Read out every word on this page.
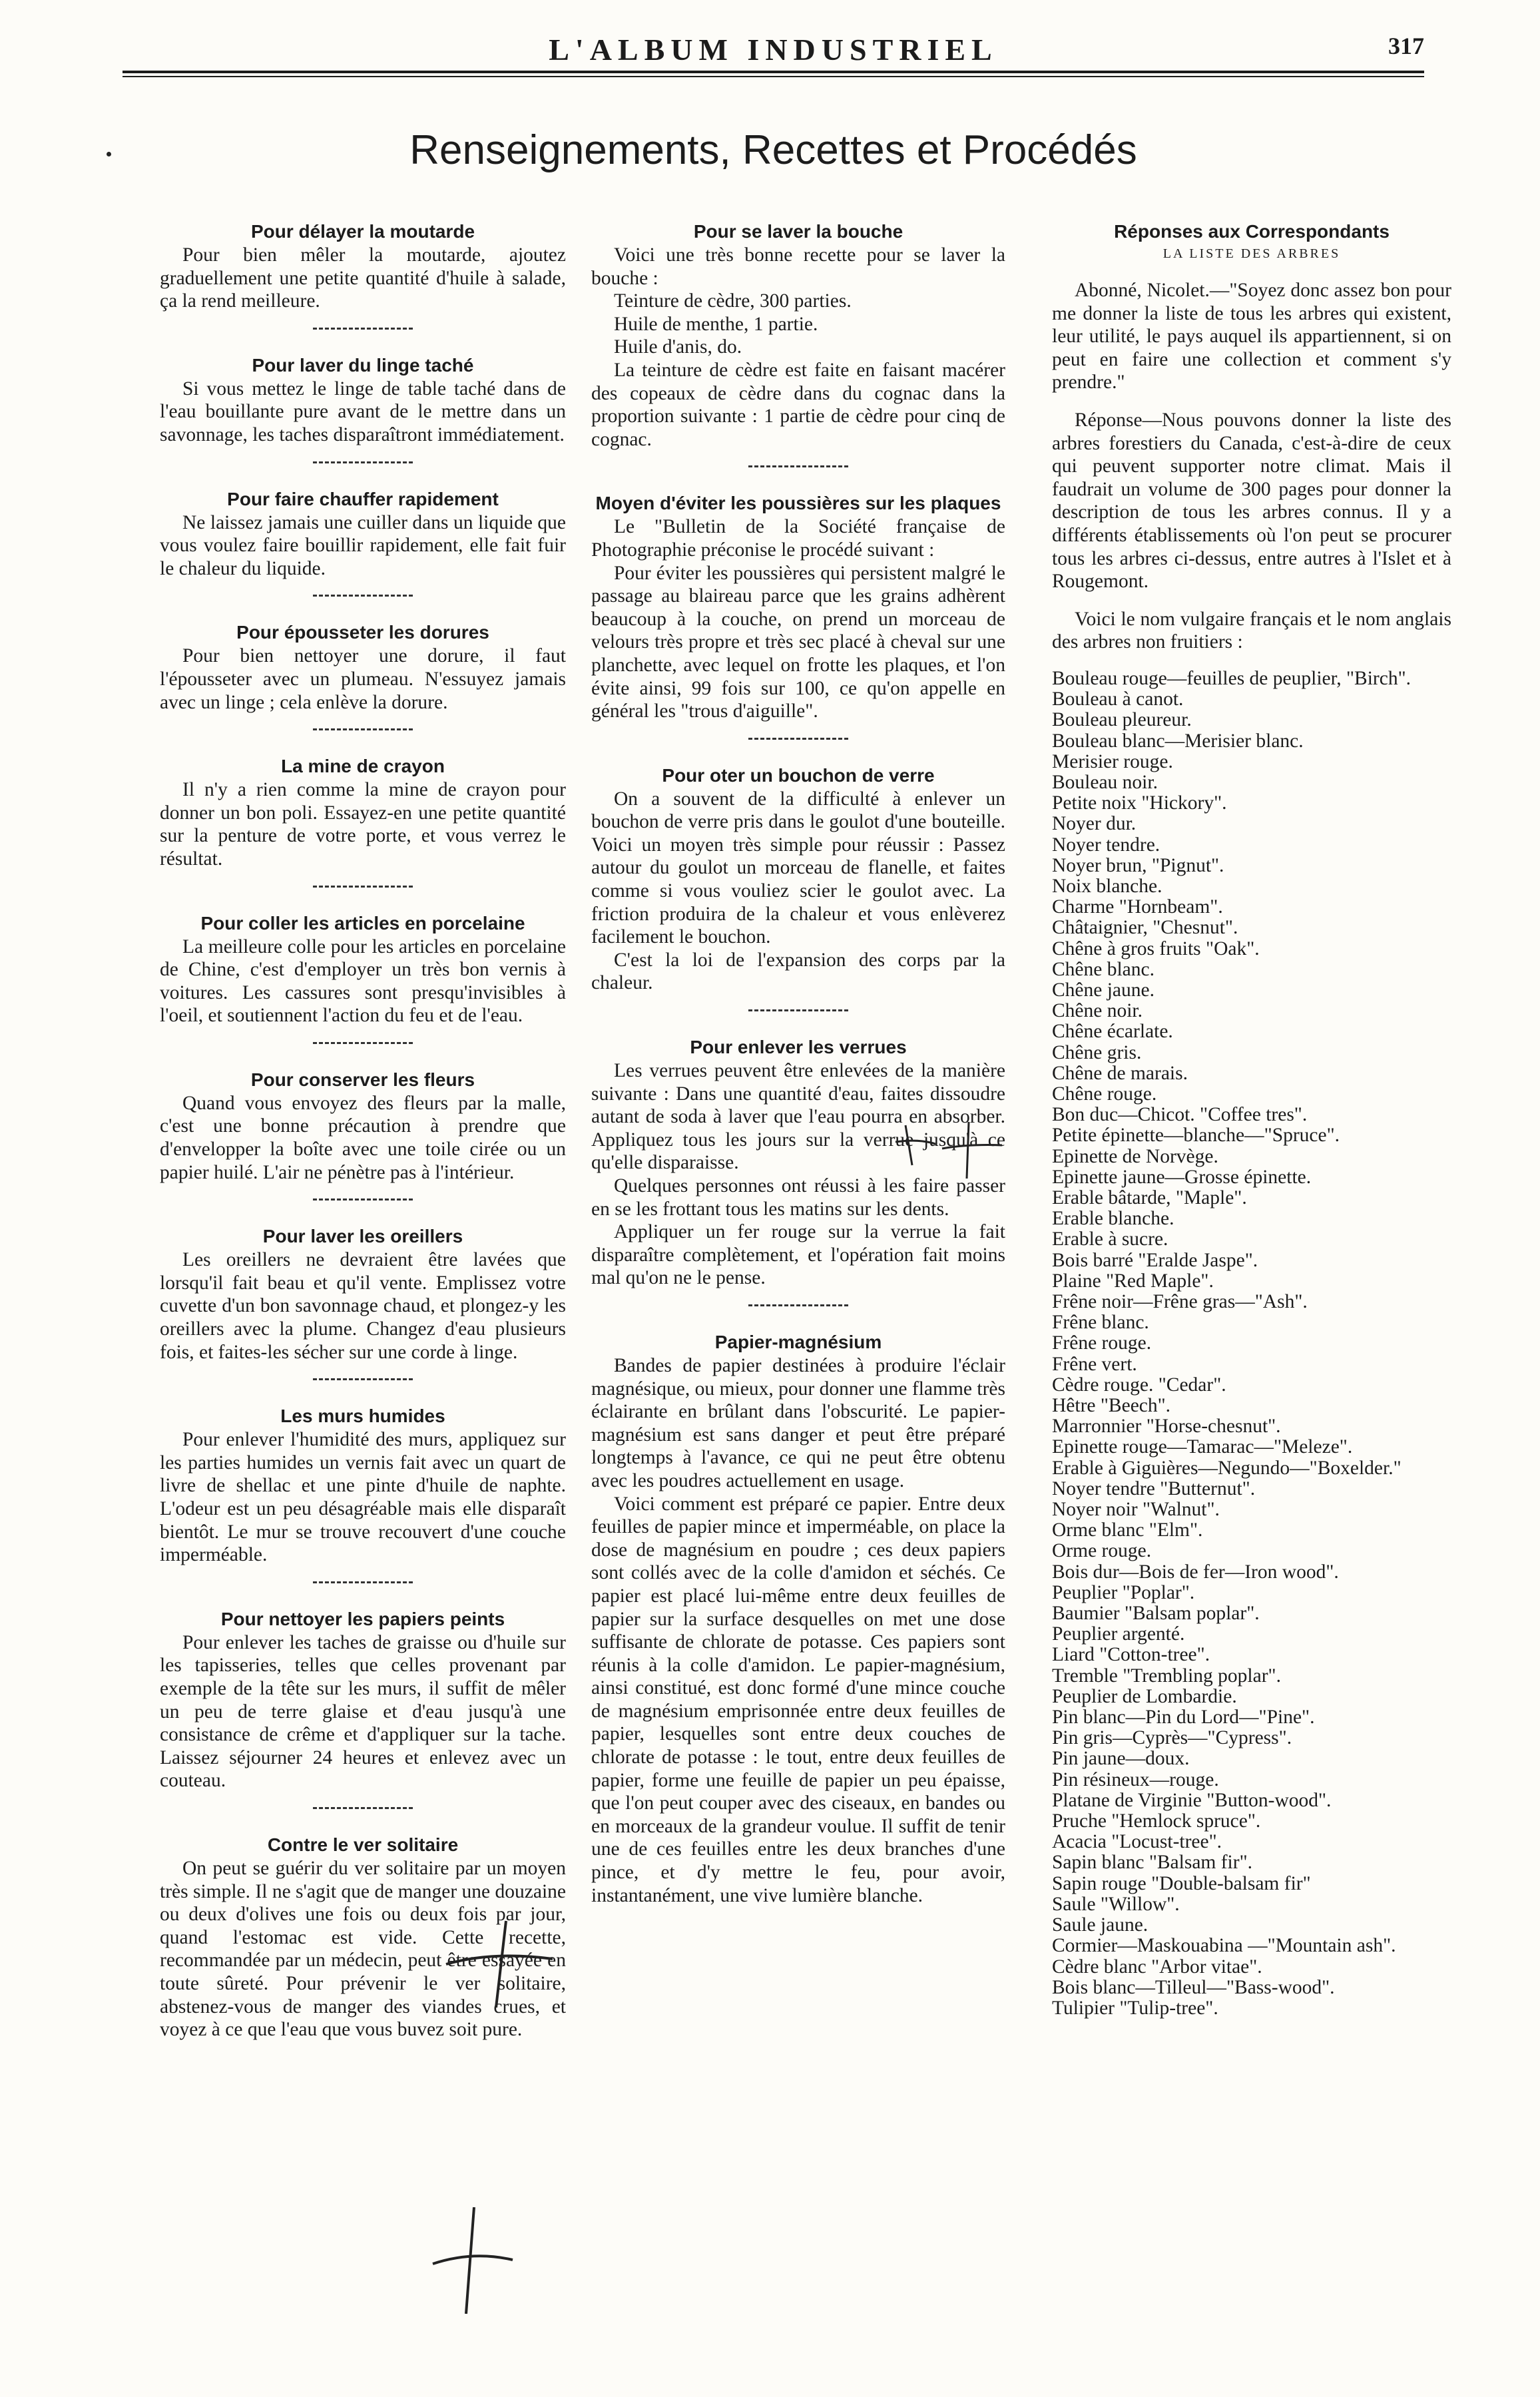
L'ALBUM INDUSTRIEL	317
Renseignements, Recettes et Procédés
Pour délayer la moutarde

Pour bien mêler la moutarde, ajoutez graduellement une petite quantité d'huile à salade, ça la rend meilleure.

Pour laver du linge taché

Si vous mettez le linge de table taché dans de l'eau bouillante pure avant de le mettre dans un savonnage, les taches disparaîtront immédiatement.

Pour faire chauffer rapidement

Ne laissez jamais une cuiller dans un liquide que vous voulez faire bouillir rapidement, elle fait fuir le chaleur du liquide.

Pour épousseter les dorures

Pour bien nettoyer une dorure, il faut l'épousseter avec un plumeau. N'essuyez jamais avec un linge ; cela enlève la dorure.

La mine de crayon

Il n'y a rien comme la mine de crayon pour donner un bon poli. Essayez-en une petite quantité sur la penture de votre porte, et vous verrez le résultat.

Pour coller les articles en porcelaine

La meilleure colle pour les articles en porcelaine de Chine, c'est d'employer un très bon vernis à voitures. Les cassures sont presqu'invisibles à l'oeil, et soutiennent l'action du feu et de l'eau.

Pour conserver les fleurs

Quand vous envoyez des fleurs par la malle, c'est une bonne précaution à prendre que d'envelopper la boîte avec une toile cirée ou un papier huilé. L'air ne pénètre pas à l'intérieur.

Pour laver les oreillers

Les oreillers ne devraient être lavées que lorsqu'il fait beau et qu'il vente. Emplissez votre cuvette d'un bon savonnage chaud, et plongez-y les oreillers avec la plume. Changez d'eau plusieurs fois, et faites-les sécher sur une corde à linge.

Les murs humides

Pour enlever l'humidité des murs, appliquez sur les parties humides un vernis fait avec un quart de livre de shellac et une pinte d'huile de naphte. L'odeur est un peu désagréable mais elle disparaît bientôt. Le mur se trouve recouvert d'une couche imperméable.

Pour nettoyer les papiers peints

Pour enlever les taches de graisse ou d'huile sur les tapisseries, telles que celles provenant par exemple de la tête sur les murs, il suffit de mêler un peu de terre glaise et d'eau jusqu'à une consistance de crême et d'appliquer sur la tache. Laissez séjourner 24 heures et enlevez avec un couteau.

Contre le ver solitaire

On peut se guérir du ver solitaire par un moyen très simple. Il ne s'agit que de manger une douzaine ou deux d'olives une fois ou deux fois par jour, quand l'estomac est vide. Cette recette, recommandée par un médecin, peut être essayée en toute sûreté. Pour prévenir le ver solitaire, abstenez-vous de manger des viandes crues, et voyez à ce que l'eau que vous buvez soit pure.

Pour se laver la bouche

Voici une très bonne recette pour se laver la bouche :

Teinture de cèdre, 300 parties.

Huile de menthe, 1 partie.

Huile d'anis, do.

La teinture de cèdre est faite en faisant macérer des copeaux de cèdre dans du cognac dans la proportion suivante : 1 partie de cèdre pour cinq de cognac.

Moyen d'éviter les poussières sur les plaques

Le "Bulletin de la Société française de Photographie préconise le procédé suivant :

Pour éviter les poussières qui persistent malgré le passage au blaireau parce que les grains adhèrent beaucoup à la couche, on prend un morceau de velours très propre et très sec placé à cheval sur une planchette, avec lequel on frotte les plaques, et l'on évite ainsi, 99 fois sur 100, ce qu'on appelle en général les "trous d'aiguille".

Pour oter un bouchon de verre

On a souvent de la difficulté à enlever un bouchon de verre pris dans le goulot d'une bouteille. Voici un moyen très simple pour réussir : Passez autour du goulot un morceau de flanelle, et faites comme si vous vouliez scier le goulot avec. La friction produira de la chaleur et vous enlèverez facilement le bouchon.

C'est la loi de l'expansion des corps par la chaleur.

Pour enlever les verrues

Les verrues peuvent être enlevées de la manière suivante : Dans une quantité d'eau, faites dissoudre autant de soda à laver que l'eau pourra en absorber. Appliquez tous les jours sur la verrue jusqu'à ce qu'elle disparaisse.

Quelques personnes ont réussi à les faire passer en se les frottant tous les matins sur les dents.

Appliquer un fer rouge sur la verrue la fait disparaître complètement, et l'opération fait moins mal qu'on ne le pense.

Papier-magnésium

Bandes de papier destinées à produire l'éclair magnésique, ou mieux, pour donner une flamme très éclairante en brûlant dans l'obscurité. Le papier-magnésium est sans danger et peut être préparé longtemps à l'avance, ce qui ne peut être obtenu avec les poudres actuellement en usage.

Voici comment est préparé ce papier. Entre deux feuilles de papier mince et imperméable, on place la dose de magnésium en poudre ; ces deux papiers sont collés avec de la colle d'amidon et séchés. Ce papier est placé lui-même entre deux feuilles de papier sur la surface desquelles on met une dose suffisante de chlorate de potasse. Ces papiers sont réunis à la colle d'amidon. Le papier-magnésium, ainsi constitué, est donc formé d'une mince couche de magnésium emprisonnée entre deux feuilles de papier, lesquelles sont entre deux couches de chlorate de potasse : le tout, entre deux feuilles de papier, forme une feuille de papier un peu épaisse, que l'on peut couper avec des ciseaux, en bandes ou en morceaux de la grandeur voulue. Il suffit de tenir une de ces feuilles entre les deux branches d'une pince, et d'y mettre le feu, pour avoir, instantanément, une vive lumière blanche.

Réponses aux Correspondants
LA LISTE DES ARBRES

Abonné, Nicolet.—"Soyez donc assez bon pour me donner la liste de tous les arbres qui existent, leur utilité, le pays auquel ils appartiennent, si on peut en faire une collection et comment s'y prendre."

Réponse—Nous pouvons donner la liste des arbres forestiers du Canada, c'est-à-dire de ceux qui peuvent supporter notre climat. Mais il faudrait un volume de 300 pages pour donner la description de tous les arbres connus. Il y a différents établissements où l'on peut se procurer tous les arbres ci-dessus, entre autres à l'Islet et à Rougemont.

Voici le nom vulgaire français et le nom anglais des arbres non fruitiers :

Bouleau rouge—feuilles de peuplier, "Birch".

Bouleau à canot.

Bouleau pleureur.

Bouleau blanc—Merisier blanc.

Merisier rouge.

Bouleau noir.

Petite noix "Hickory".

Noyer dur.

Noyer tendre.

Noyer brun, "Pignut".

Noix blanche.

Charme "Hornbeam".

Châtaignier, "Chesnut".

Chêne à gros fruits "Oak".

Chêne blanc.

Chêne jaune.

Chêne noir.

Chêne écarlate.

Chêne gris.

Chêne de marais.

Chêne rouge.

Bon duc—Chicot. "Coffee tres".

Petite épinette—blanche—"Spruce".

Epinette de Norvège.

Epinette jaune—Grosse épinette.

Erable bâtarde, "Maple".

Erable blanche.

Erable à sucre.

Bois barré "Eralde Jaspe".

Plaine "Red Maple".

Frêne noir—Frêne gras—"Ash".

Frêne blanc.

Frêne rouge.

Frêne vert.

Cèdre rouge. "Cedar".

Hêtre "Beech".

Marronnier "Horse-chesnut".

Epinette rouge—Tamarac—"Meleze".

Erable à Giguières—Negundo—"Boxelder."

Noyer tendre "Butternut".

Noyer noir "Walnut".

Orme blanc "Elm".

Orme rouge.

Bois dur—Bois de fer—Iron wood".

Peuplier "Poplar".

Baumier "Balsam poplar".

Peuplier argenté.

Liard "Cotton-tree".

Tremble "Trembling poplar".

Peuplier de Lombardie.

Pin blanc—Pin du Lord—"Pine".

Pin gris—Cyprès—"Cypress".

Pin jaune—doux.

Pin résineux—rouge.

Platane de Virginie "Button-wood".

Pruche "Hemlock spruce".

Acacia "Locust-tree".

Sapin blanc "Balsam fir".

Sapin rouge "Double-balsam fir"

Saule "Willow".

Saule jaune.

Cormier—Maskouabina —"Mountain ash".

Cèdre blanc "Arbor vitae".

Bois blanc—Tilleul—"Bass-wood".

Tulipier "Tulip-tree".
